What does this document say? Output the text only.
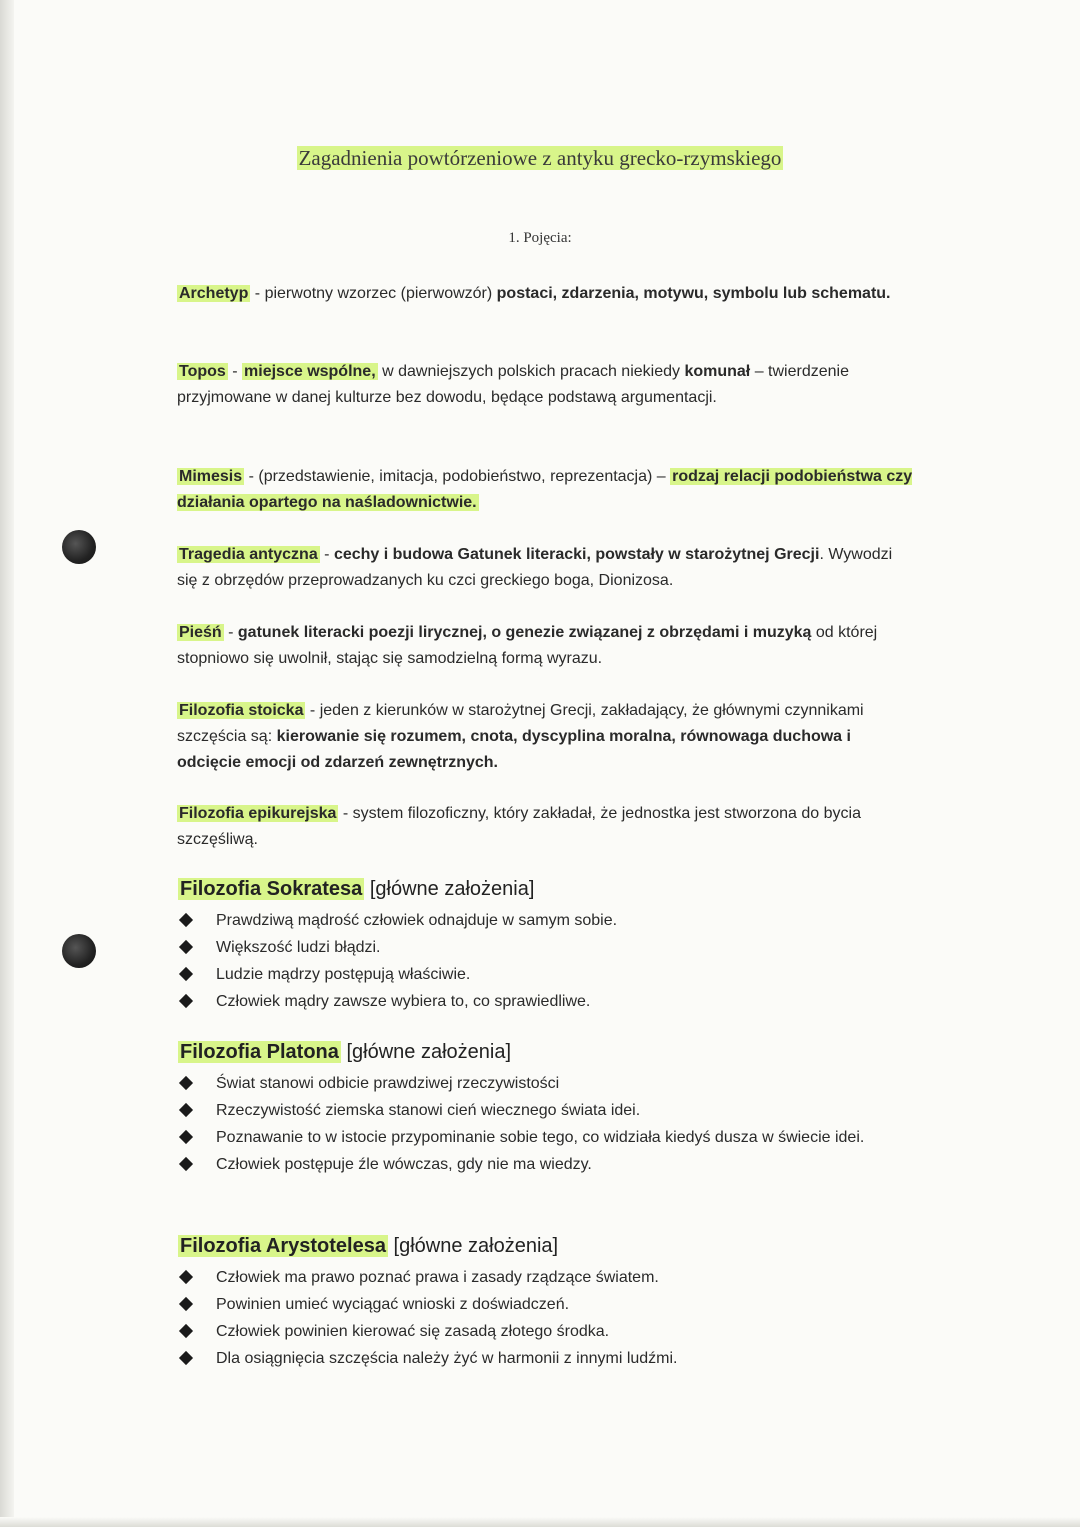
Zagadnienia powtórzeniowe z antyku grecko-rzymskiego
1. Pojęcia:
Archetyp - pierwotny wzorzec (pierwowzór) postaci, zdarzenia, motywu, symbolu lub schematu.
Topos - miejsce wspólne, w dawniejszych polskich pracach niekiedy komunał – twierdzenie przyjmowane w danej kulturze bez dowodu, będące podstawą argumentacji.
Mimesis - (przedstawienie, imitacja, podobieństwo, reprezentacja) – rodzaj relacji podobieństwa czy działania opartego na naśladownictwie.
Tragedia antyczna - cechy i budowa Gatunek literacki, powstały w starożytnej Grecji. Wywodzi się z obrzędów przeprowadzanych ku czci greckiego boga, Dionizosa.
Pieśń - gatunek literacki poezji lirycznej, o genezie związanej z obrzędami i muzyką od której stopniowo się uwolnił, stając się samodzielną formą wyrazu.
Filozofia stoicka - jeden z kierunków w starożytnej Grecji, zakładający, że głównymi czynnikami szczęścia są: kierowanie się rozumem, cnota, dyscyplina moralna, równowaga duchowa i odcięcie emocji od zdarzeń zewnętrznych.
Filozofia epikurejska - system filozoficzny, który zakładał, że jednostka jest stworzona do bycia szczęśliwą.
Filozofia Sokratesa [główne założenia]
Prawdziwą mądrość człowiek odnajduje w samym sobie.
Większość ludzi błądzi.
Ludzie mądrzy postępują właściwie.
Człowiek mądry zawsze wybiera to, co sprawiedliwe.
Filozofia Platona [główne założenia]
Świat stanowi odbicie prawdziwej rzeczywistości
Rzeczywistość ziemska stanowi cień wiecznego świata idei.
Poznawanie to w istocie przypominanie sobie tego, co widziała kiedyś dusza w świecie idei.
Człowiek postępuje źle wówczas, gdy nie ma wiedzy.
Filozofia Arystotelesa [główne założenia]
Człowiek ma prawo poznać prawa i zasady rządzące światem.
Powinien umieć wyciągać wnioski z doświadczeń.
Człowiek powinien kierować się zasadą złotego środka.
Dla osiągnięcia szczęścia należy żyć w harmonii z innymi ludźmi.
